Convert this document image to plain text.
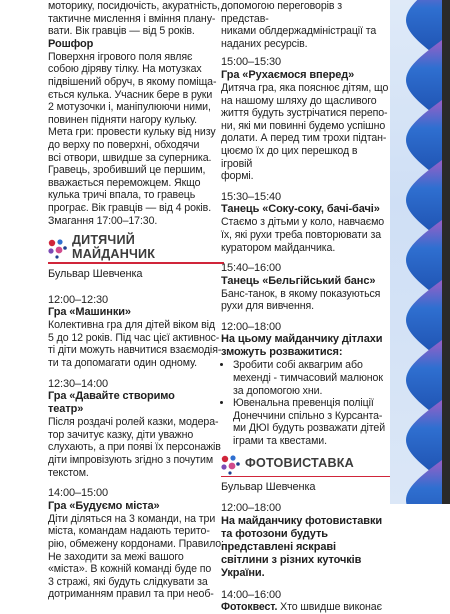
моторику, посидючість, акуратність,
тактичне мислення і вміння плану-
вати. Вік гравців — від 5 років.
Рошфор
Поверхня ігрового поля являє
собою діряву тілку. На мотузках
підвішений обруч, в якому поміща-
ється кулька. Учасник бере в руки
2 мотузочки і, маніпулюючи ними,
повинен підняти нагору кульку.
Мета гри: провести кульку від низу
до верху по поверхні, обходячи
всі отвори, швидше за суперника.
Гравець, зробивший це першим,
вважається переможцем. Якщо
кулька тричі впала, то гравець
програє. Вік гравців — від 4 років.
Змагання 17:00–17:30.
ДИТЯЧИЙ
МАЙДАНЧИК
Бульвар Шевченка
12:00–12:30
Гра «Машинки»
Колективна гра для дітей віком від
5 до 12 років. Під час цієї активнос-
ті діти можуть навчитися взаємодія-
ти та допомагати один одному.
12:30–14:00
Гра «Давайте створимо
театр»
Після роздачі ролей казки, модера-
тор зачитує казку, діти уважно
слухають, а при появі їх персонажів
діти імпровізують згідно з почутим
текстом.
14:00–15:00
Гра «Будуємо міста»
Діти діляться на 3 команди, на три
міста, командам надають терито-
рію, обмежену кордонами. Правило:
Не заходити за межі вашого
«міста». В кожній команді буде по
3 стражі, які будуть слідкувати за
дотриманням правил та при необ-
допомогою переговорів з представ-
никами облдержадміністрації та
наданих ресурсів.
15:00–15:30
Гра «Рухаємося вперед»
Дитяча гра, яка пояснює дітям, що
на нашому шляху до щасливого
життя будуть зустрічатися перепо-
ни, які ми повинні будемо успішно
долати. А перед тим трохи підтан-
цюємо їх до цих перешкод в ігровій
формі.
15:30–15:40
Танець «Соку-соку, бачі-бачі»
Стаємо з дітьми у коло, навчаємо
їх, які рухи треба повторювати за
куратором майданчика.
15:40–16:00
Танець «Бельгійський банс»
Банс-танок, в якому показуються
рухи для вивчення.
12:00–18:00
На цьому майданчику дітлахи
зможуть розважитися:
• Зробити собі аквагрим або
мехенді - тимчасовий малюнок
за допомогою хни.
• Ювенальна превенція поліції
Донеччини спільно з Курсанта-
ми ДЮІ будуть розважати дітей
іграми та квестами.
ФОТОВИСТАВКА
Бульвар Шевченка
12:00–18:00
На майданчику фотовиставки
та фотозони будуть
представлені яскраві
світлини з різних куточків
України.
14:00–16:00
Фотоквест. Хто швидше виконає
